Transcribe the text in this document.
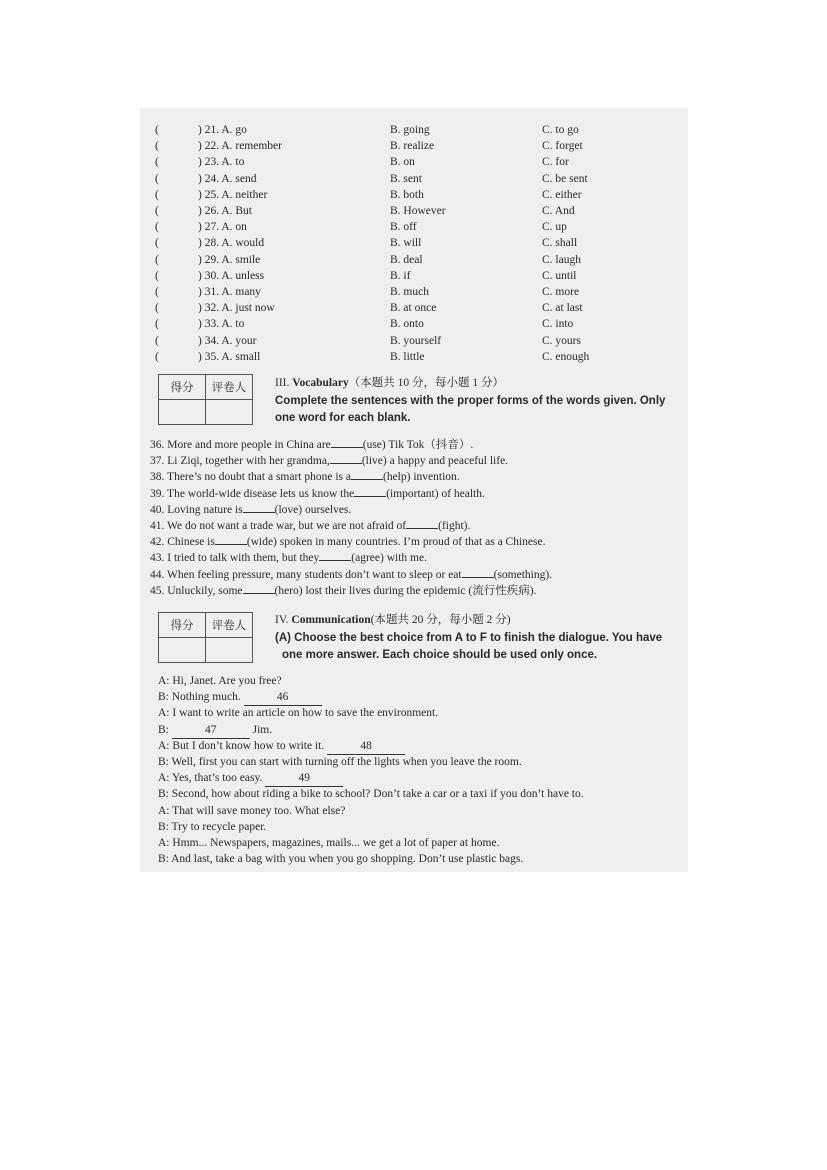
(	) 21. A. go	B. going	C. to go
(	) 22. A. remember	B. realize	C. forget
(	) 23. A. to	B. on	C. for
(	) 24. A. send	B. sent	C. be sent
(	) 25. A. neither	B. both	C. either
(	) 26. A. But	B. However	C. And
(	) 27. A. on	B. off	C. up
(	) 28. A. would	B. will	C. shall
(	) 29. A. smile	B. deal	C. laugh
(	) 30. A. unless	B. if	C. until
(	) 31. A. many	B. much	C. more
(	) 32. A. just now	B. at once	C. at last
(	) 33. A. to	B. onto	C. into
(	) 34. A. your	B. yourself	C. yours
(	) 35. A. small	B. little	C. enough
得分	评卷人
		III. Vocabulary（本题共 10 分，每小题 1 分）
Complete the sentences with the proper forms of the words given. Only
one word for each blank.
36. More and more people in China are	(use) Tik Tok（抖音）.
37. Li Ziqi, together with her grandma,	(live) a happy and peaceful life.
38. There’s no doubt that a smart phone is a	(help) invention.
39. The world-wide disease lets us know the	(important) of health.
40. Loving nature is	(love) ourselves.
41. We do not want a trade war, but we are not afraid of	(fight).
42. Chinese is	(wide) spoken in many countries. I’m proud of that as a Chinese.
43. I tried to talk with them, but they	(agree) with me.
44. When feeling pressure, many students don’t want to sleep or eat	(something).
45. Unluckily, some	(hero) lost their lives during the epidemic (流行性疾病).
得分	评卷人
		IV. Communication(本题共 20 分，每小题 2 分)
(A) Choose the best choice from A to F to finish the dialogue. You have
one more answer. Each choice should be used only once.
A: Hi, Janet. Are you free?
B: Nothing much.	46
A: I want to write an article on how to save the environment.
B:	47	Jim.
A: But I don’t know how to write it.	48
B: Well, first you can start with turning off the lights when you leave the room.
A: Yes, that’s too easy.	49
B: Second, how about riding a bike to school? Don’t take a car or a taxi if you don’t have to.
A: That will save money too. What else?
B: Try to recycle paper.
A: Hmm... Newspapers, magazines, mails... we get a lot of paper at home.
B: And last, take a bag with you when you go shopping. Don’t use plastic bags.
